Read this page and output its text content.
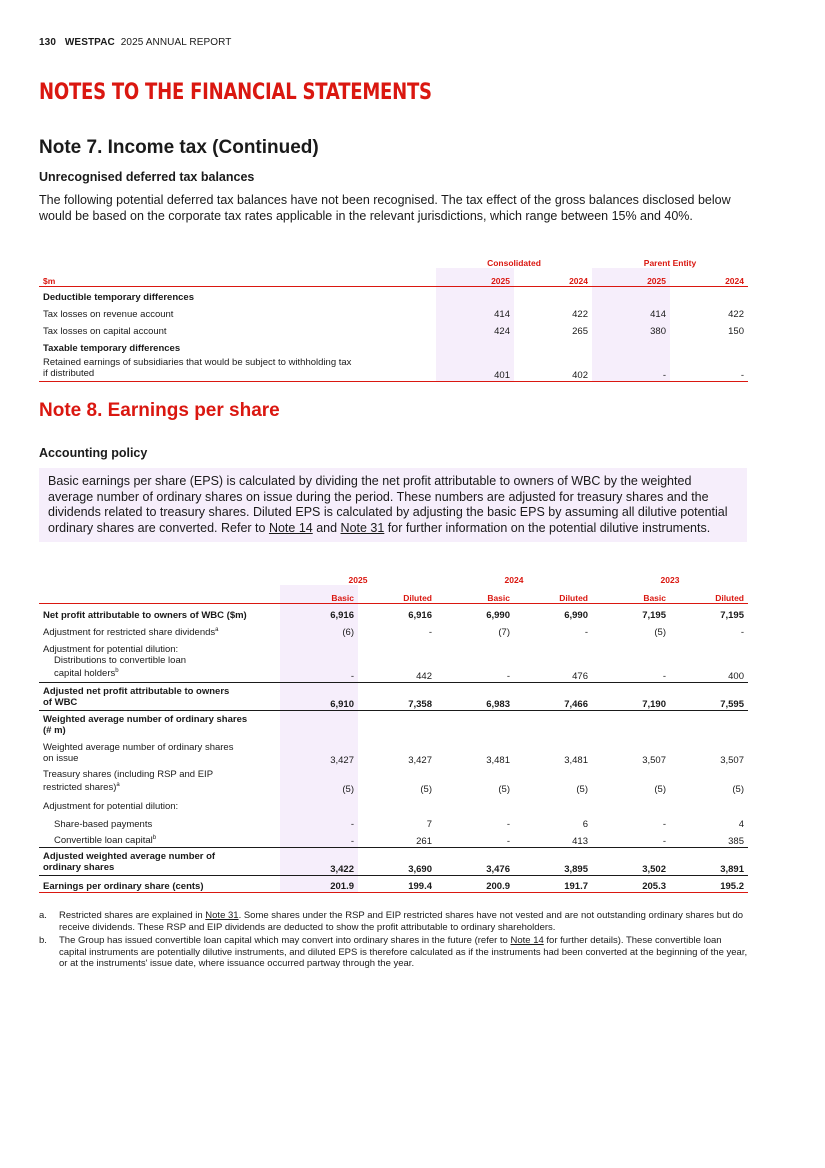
130 WESTPAC 2025 ANNUAL REPORT
NOTES TO THE FINANCIAL STATEMENTS
Note 7. Income tax (Continued)
Unrecognised deferred tax balances
The following potential deferred tax balances have not been recognised. The tax effect of the gross balances disclosed below would be based on the corporate tax rates applicable in the relevant jurisdictions, which range between 15% and 40%.
	Consolidated		Parent Entity	
$m	2025	2024	2025	2024
Deductible temporary differences				
Tax losses on revenue account	414	422	414	422
Tax losses on capital account	424	265	380	150
Taxable temporary differences				

Retained earnings of subsidiaries that would be subject to withholding tax
if distributed	401	402	-	-
Note 8. Earnings per share
Accounting policy
Basic earnings per share (EPS) is calculated by dividing the net profit attributable to owners of WBC by the weighted average number of ordinary shares on issue during the period. These numbers are adjusted for treasury shares and the dividends related to treasury shares. Diluted EPS is calculated by adjusting the basic EPS by assuming all dilutive potential ordinary shares are converted. Refer to Note 14 and Note 31 for further information on the potential dilutive instruments.
	2025		2024		2023	
	Basic	Diluted	Basic	Diluted	Basic	Diluted
Net profit attributable to owners of WBC ($m)	6,916	6,916	6,990	6,990	7,195	7,195
Adjustment for restricted share dividends$^a$	(6)	-	(7)	-	(5)	-
Adjustment for potential dilution:						

Distributions to convertible loan
capital holders$^b$	-	442	-	476	-	400

Adjusted net profit attributable to owners
of WBC	6,910	7,358	6,983	7,466	7,190	7,595

Weighted average number of ordinary shares
(# m)						

Weighted average number of ordinary shares
on issue	3,427	3,427	3,481	3,481	3,507	3,507

Treasury shares (including RSP and EIP
restricted shares)$^a$	(5)	(5)	(5)	(5)	(5)	(5)
Adjustment for potential dilution:						
Share-based payments	-	7	-	6	-	4
Convertible loan capital$^b$	-	261	-	413	-	385

Adjusted weighted average number of
ordinary shares	3,422	3,690	3,476	3,895	3,502	3,891
Earnings per ordinary share (cents)	201.9	199.4	200.9	191.7	205.3	195.2
a. Restricted shares are explained in Note 31. Some shares under the RSP and EIP restricted shares have not vested and are not outstanding ordinary shares but do receive dividends. These RSP and EIP dividends are deducted to show the profit attributable to ordinary shareholders.
b. The Group has issued convertible loan capital which may convert into ordinary shares in the future (refer to Note 14 for further details). These convertible loan capital instruments are potentially dilutive instruments, and diluted EPS is therefore calculated as if the instruments had been converted at the beginning of the year, or at the instruments' issue date, where issuance occurred partway through the year.
